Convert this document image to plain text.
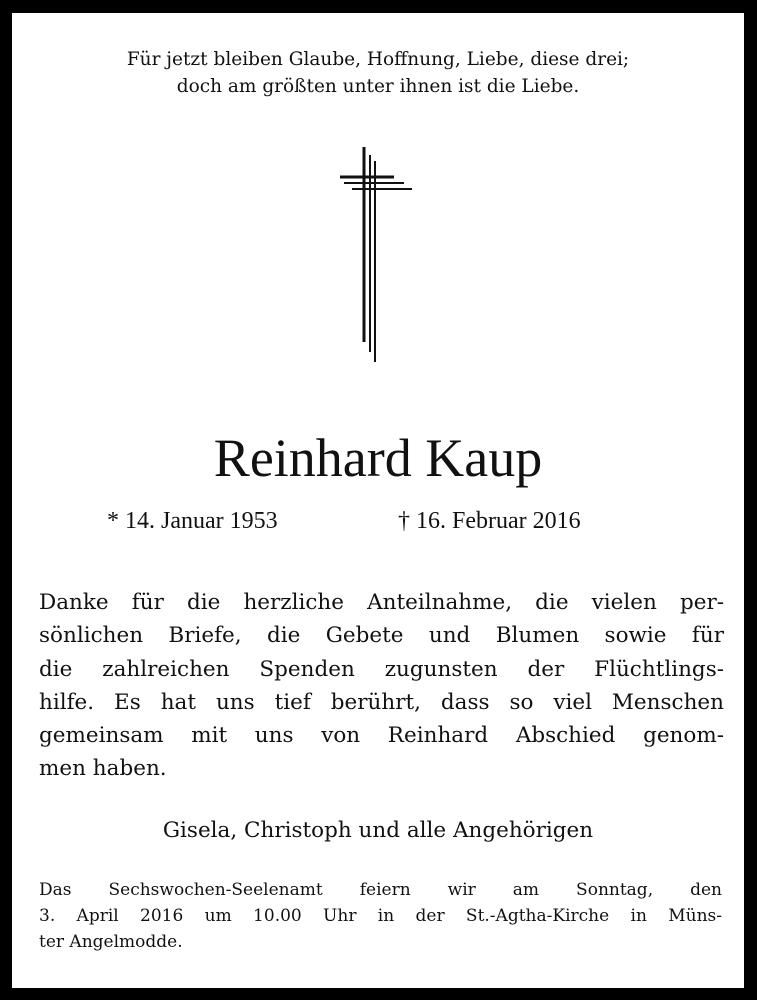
Für jetzt bleiben Glaube, Hoffnung, Liebe, diese drei;
doch am größten unter ihnen ist die Liebe.
Reinhard Kaup
* 14. Januar 1953	† 16. Februar 2016
Danke für die herzliche Anteilnahme, die vielen per-
sönlichen Briefe, die Gebete und Blumen sowie für
die zahlreichen Spenden zugunsten der Flüchtlings-
hilfe. Es hat uns tief berührt, dass so viel Menschen
gemeinsam mit uns von Reinhard Abschied genom-
men haben.
Gisela, Christoph und alle Angehörigen
Das Sechswochen-Seelenamt feiern wir am Sonntag, den
3. April 2016 um 10.00 Uhr in der St.-Agtha-Kirche in Müns-
ter Angelmodde.
